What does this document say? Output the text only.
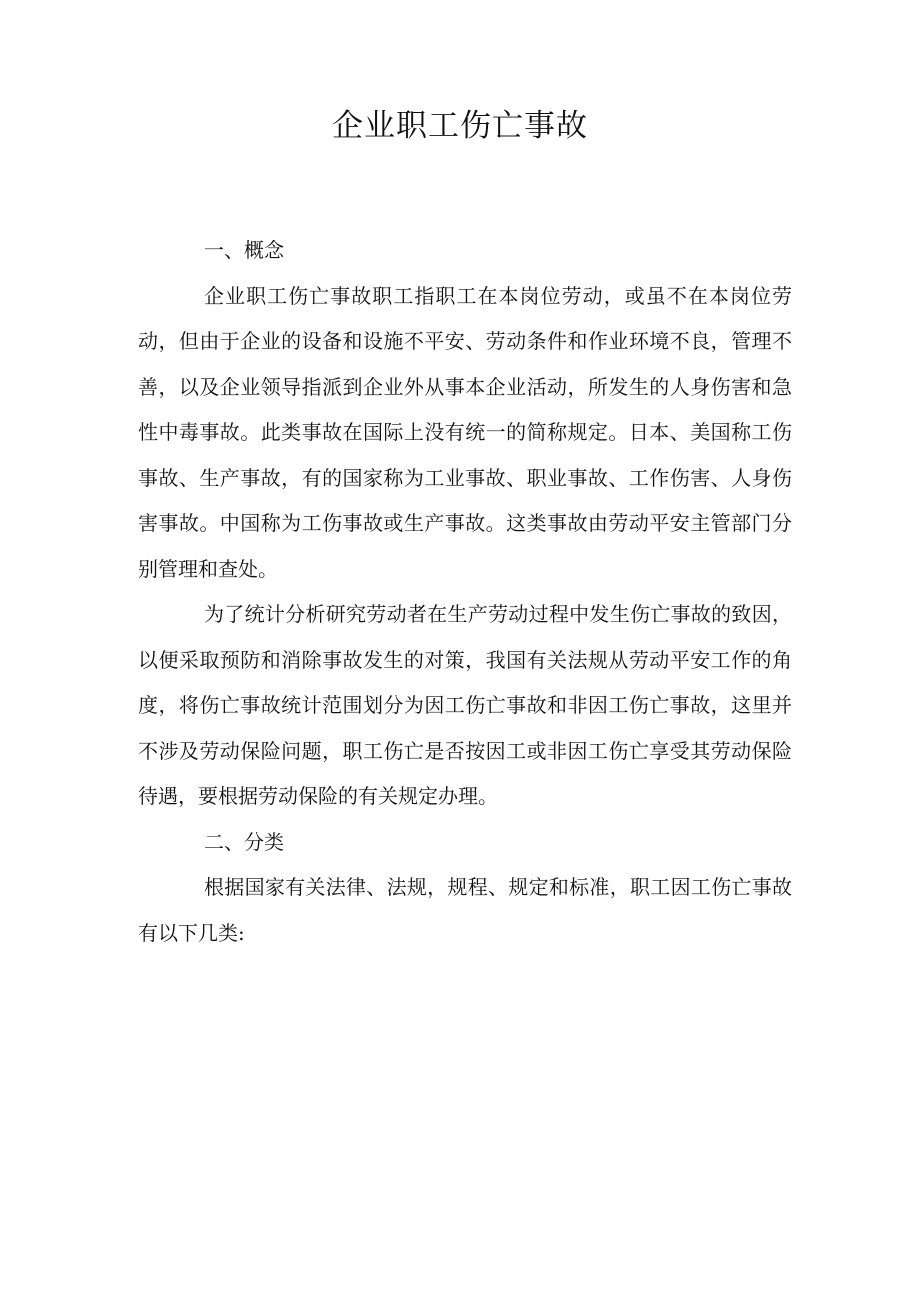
企业职工伤亡事故

一、概念

企业职工伤亡事故职工指职工在本岗位劳动，或虽不在本岗位劳动，但由于企业的设备和设施不平安、劳动条件和作业环境不良，管理不善，以及企业领导指派到企业外从事本企业活动，所发生的人身伤害和急性中毒事故。此类事故在国际上没有统一的简称规定。日本、美国称工伤事故、生产事故，有的国家称为工业事故、职业事故、工作伤害、人身伤害事故。中国称为工伤事故或生产事故。这类事故由劳动平安主管部门分别管理和查处。

为了统计分析研究劳动者在生产劳动过程中发生伤亡事故的致因，以便采取预防和消除事故发生的对策，我国有关法规从劳动平安工作的角度，将伤亡事故统计范围划分为因工伤亡事故和非因工伤亡事故，这里并不涉及劳动保险问题，职工伤亡是否按因工或非因工伤亡享受其劳动保险待遇，要根据劳动保险的有关规定办理。

二、分类

根据国家有关法律、法规，规程、规定和标准，职工因工伤亡事故有以下几类:
